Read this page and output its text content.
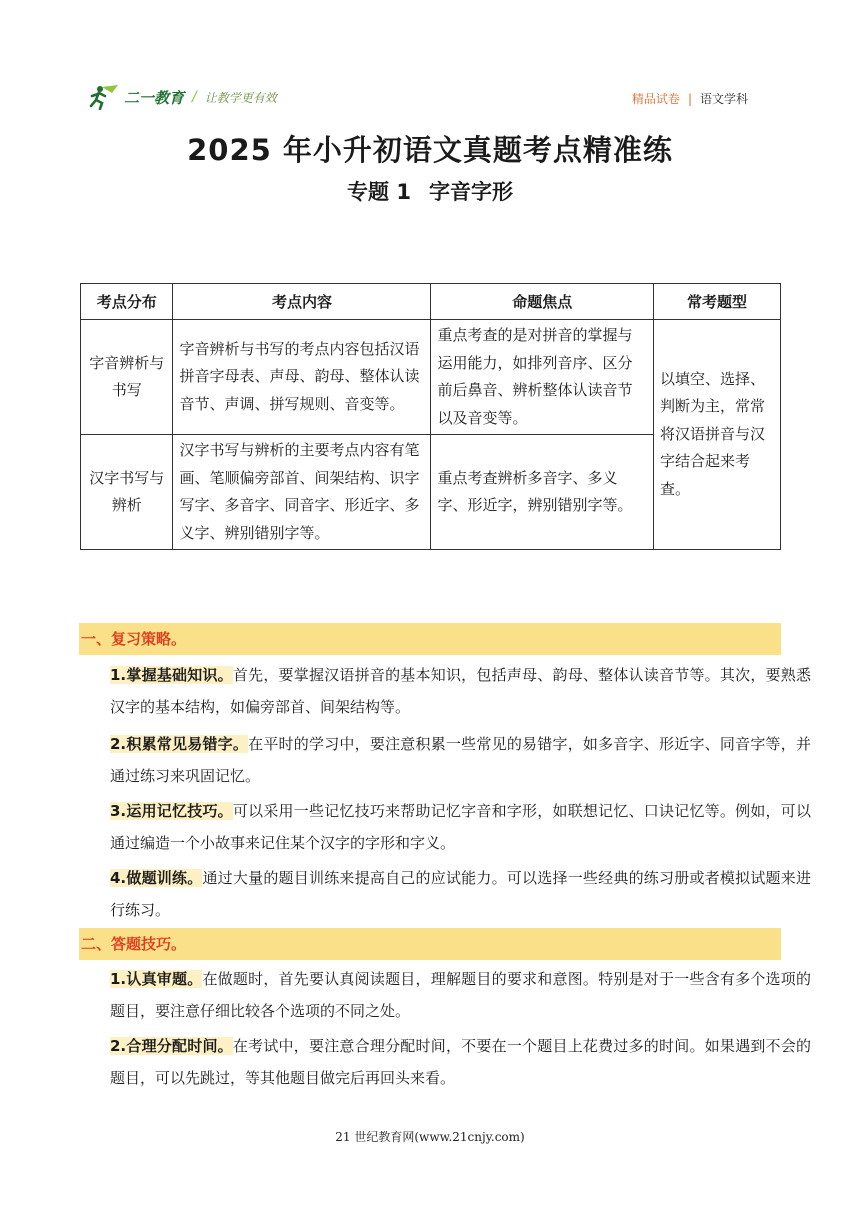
二一教育 / 让教学更有效	精品试卷 | 语文学科
2025 年小升初语文真题考点精准练
专题 1 字音字形
考点分布	考点内容	命题焦点	常考题型
字音辨析与书写	字音辨析与书写的考点内容包括汉语拼音字母表、声母、韵母、整体认读音节、声调、拼写规则、音变等。	重点考查的是对拼音的掌握与运用能力，如排列音序、区分前后鼻音、辨析整体认读音节以及音变等。	以填空、选择、判断为主，常常将汉语拼音与汉字结合起来考查。
汉字书写与辨析	汉字书写与辨析的主要考点内容有笔画、笔顺偏旁部首、间架结构、识字写字、多音字、同音字、形近字、多义字、辨别错别字等。	重点考查辨析多音字、多义字、形近字，辨别错别字等。	
一、复习策略。
1.掌握基础知识。首先，要掌握汉语拼音的基本知识，包括声母、韵母、整体认读音节等。其次，要熟悉汉字的基本结构，如偏旁部首、间架结构等。
2.积累常见易错字。在平时的学习中，要注意积累一些常见的易错字，如多音字、形近字、同音字等，并通过练习来巩固记忆。
3.运用记忆技巧。可以采用一些记忆技巧来帮助记忆字音和字形，如联想记忆、口诀记忆等。例如，可以通过编造一个小故事来记住某个汉字的字形和字义。
4.做题训练。通过大量的题目训练来提高自己的应试能力。可以选择一些经典的练习册或者模拟试题来进行练习。
二、答题技巧。
1.认真审题。在做题时，首先要认真阅读题目，理解题目的要求和意图。特别是对于一些含有多个选项的题目，要注意仔细比较各个选项的不同之处。
2.合理分配时间。在考试中，要注意合理分配时间，不要在一个题目上花费过多的时间。如果遇到不会的题目，可以先跳过，等其他题目做完后再回头来看。
21 世纪教育网(www.21cnjy.com)
